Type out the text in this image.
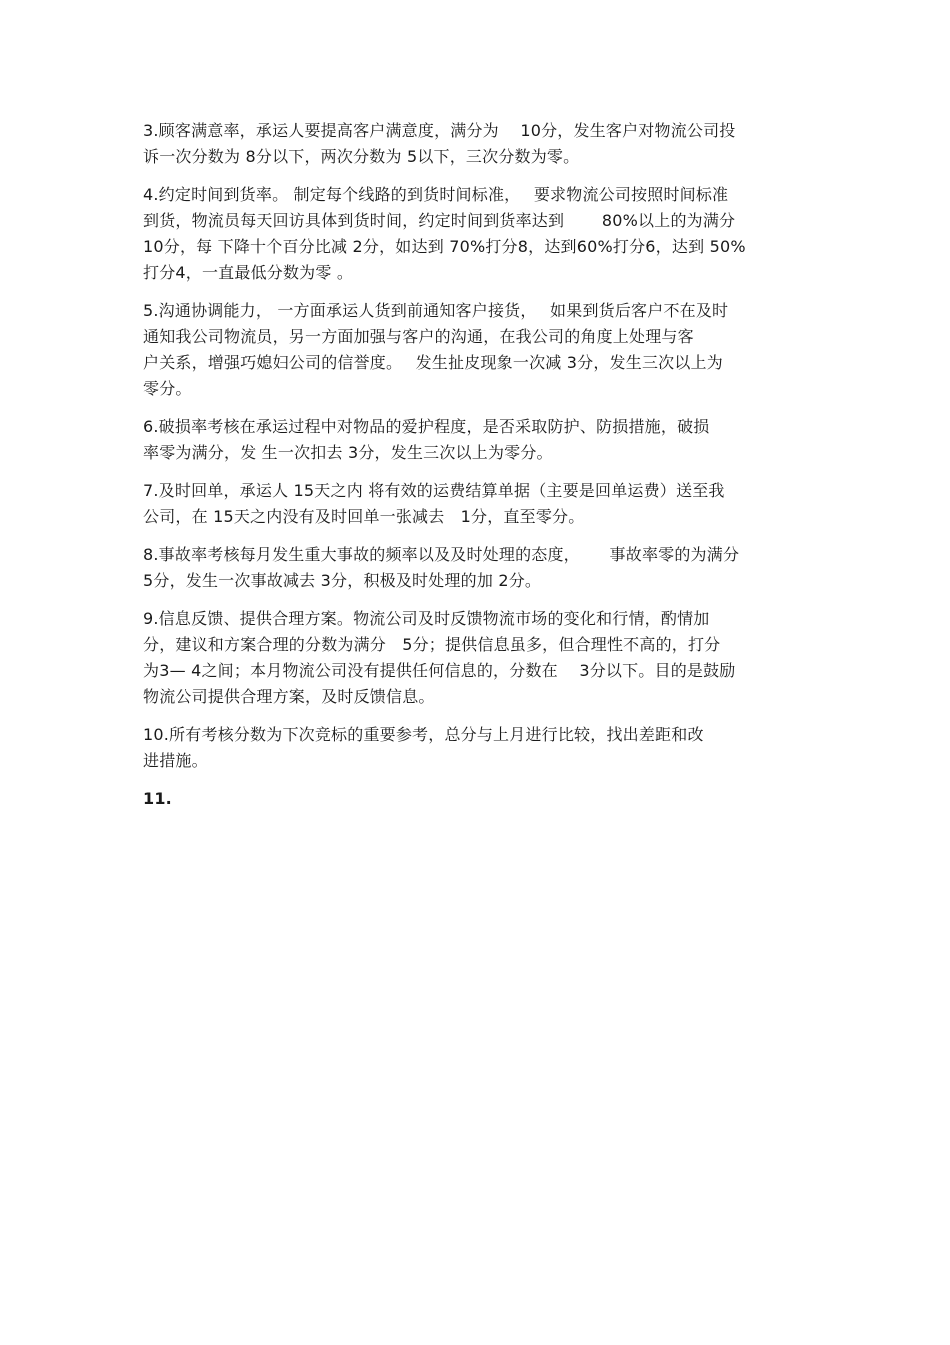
3.顾客满意率，承运人要提高客户满意度，满分为　 10分，发生客户对物流公司投
诉一次分数为 8分以下，两次分数为 5以下，三次分数为零。
4.约定时间到货率。 制定每个线路的到货时间标准，　 要求物流公司按照时间标准
到货，物流员每天回访具体到货时间，约定时间到货率达到　　 80%以上的为满分
10分，每 下降十个百分比减 2分，如达到 70%打分8，达到60%打分6，达到 50%
打分4，一直最低分数为零 。
5.沟通协调能力， 一方面承运人货到前通知客户接货，　 如果到货后客户不在及时
通知我公司物流员，另一方面加强与客户的沟通，在我公司的角度上处理与客
户关系，增强巧媳妇公司的信誉度。　 发生扯皮现象一次减 3分，发生三次以上为
零分。
6.破损率考核在承运过程中对物品的爱护程度，是否采取防护、防损措施，破损
率零为满分，发 生一次扣去 3分，发生三次以上为零分。
7.及时回单，承运人 15天之内 将有效的运费结算单据（主要是回单运费）送至我
公司，在 15天之内没有及时回单一张减去　1分，直至零分。
8.事故率考核每月发生重大事故的频率以及及时处理的态度，　　 事故率零的为满分
5分，发生一次事故减去 3分，积极及时处理的加 2分。
9.信息反馈、提供合理方案。物流公司及时反馈物流市场的变化和行情，酌情加
分，建议和方案合理的分数为满分　5分；提供信息虽多，但合理性不高的，打分
为3— 4之间；本月物流公司没有提供任何信息的，分数在　 3分以下。目的是鼓励
物流公司提供合理方案，及时反馈信息。
10.所有考核分数为下次竞标的重要参考，总分与上月进行比较，找出差距和改
进措施。
11.
